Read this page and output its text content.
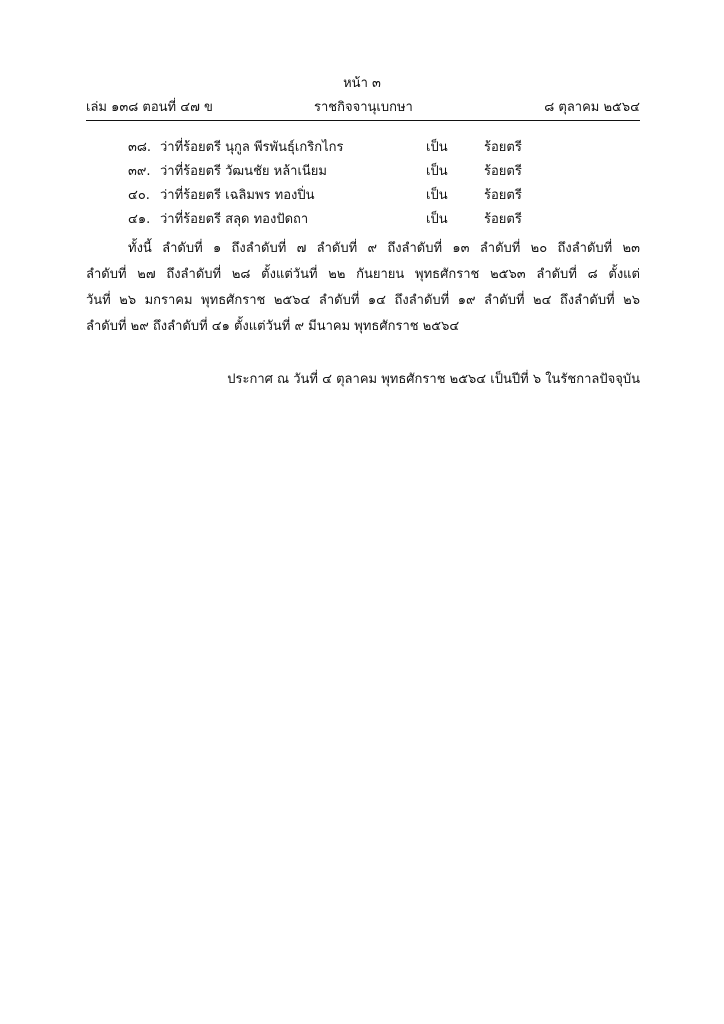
หน้า ๓
เล่ม ๑๓๘ ตอนที่ ๔๗ ข	ราชกิจจานุเบกษา	๘ ตุลาคม ๒๕๖๔
๓๘. ว่าที่ร้อยตรี นุกูล พีรพันธุ์เกริกไกร	เป็น	ร้อยตรี
๓๙. ว่าที่ร้อยตรี วัฒนชัย หล้าเนียม	เป็น	ร้อยตรี
๔๐. ว่าที่ร้อยตรี เฉลิมพร ทองปิ่น	เป็น	ร้อยตรี
๔๑. ว่าที่ร้อยตรี สลุด ทองปัดถา	เป็น	ร้อยตรี
ทั้งนี้ ลำดับที่ ๑ ถึงลำดับที่ ๗ ลำดับที่ ๙ ถึงลำดับที่ ๑๓ ลำดับที่ ๒๐ ถึงลำดับที่ ๒๓
ลำดับที่ ๒๗ ถึงลำดับที่ ๒๘ ตั้งแต่วันที่ ๒๒ กันยายน พุทธศักราช ๒๕๖๓ ลำดับที่ ๘ ตั้งแต่
วันที่ ๒๖ มกราคม พุทธศักราช ๒๕๖๔ ลำดับที่ ๑๔ ถึงลำดับที่ ๑๙ ลำดับที่ ๒๔ ถึงลำดับที่ ๒๖
ลำดับที่ ๒๙ ถึงลำดับที่ ๔๑ ตั้งแต่วันที่ ๙ มีนาคม พุทธศักราช ๒๕๖๔
ประกาศ ณ วันที่ ๔ ตุลาคม พุทธศักราช ๒๕๖๔ เป็นปีที่ ๖ ในรัชกาลปัจจุบัน
